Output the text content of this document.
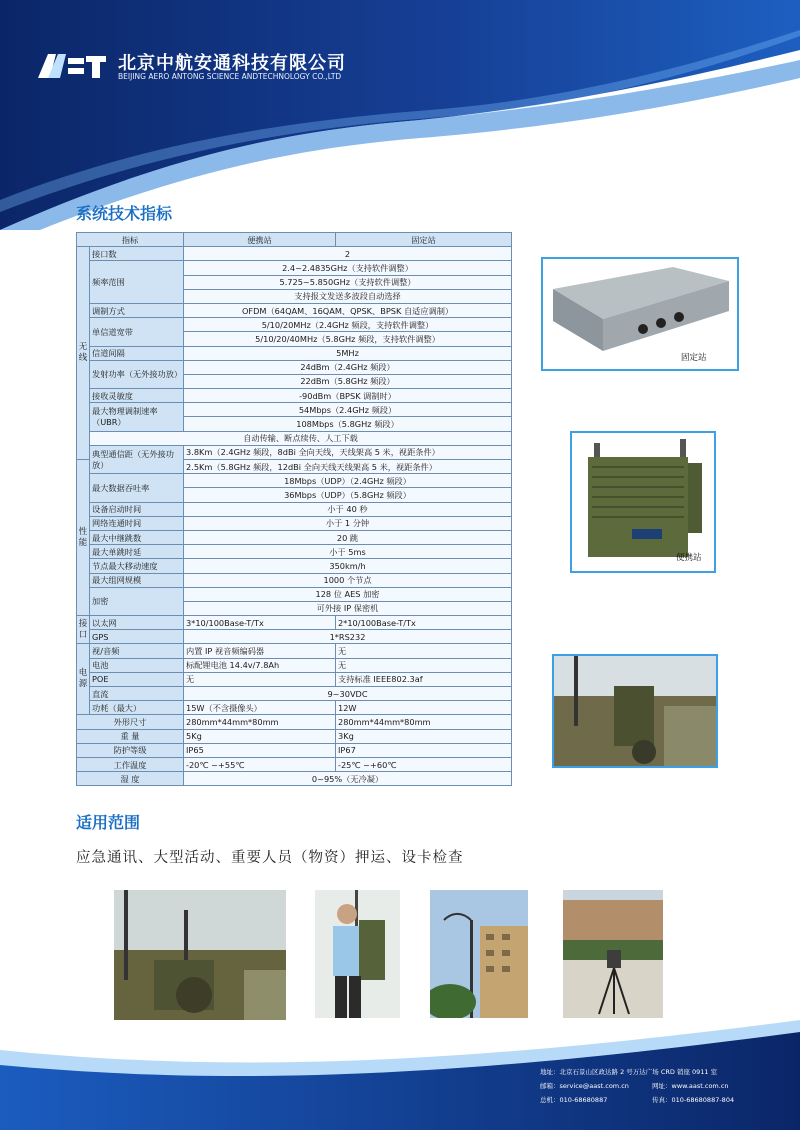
北京中航安通科技有限公司
BEIJING AERO ANTONG SCIENCE ANDTECHNOLOGY CO.,LTD
系统技术指标
指标		便携站	固定站
无线	接口数	2	
	频率范围	2.4~2.4835GHz（支持软件调整）	
		5.725~5.850GHz（支持软件调整）	
		支持报文发送多波段自动选择	
	调制方式	OFDM（64QAM、16QAM、QPSK、BPSK 自适应调制）	
	单信道宽带	5/10/20MHz（2.4GHz 频段，支持软件调整）	
		5/10/20/40MHz（5.8GHz 频段，支持软件调整）	
	信道间隔	5MHz	
	发射功率（无外接功放）	24dBm（2.4GHz 频段）	
		22dBm（5.8GHz 频段）	
	接收灵敏度	-90dBm（BPSK 调制时）	
	最大物理调制速率（UBR）	54Mbps（2.4GHz 频段）	
		108Mbps（5.8GHz 频段）	
	自动传输、断点续传、人工下载		
	典型通信距（无外接功放）	3.8Km（2.4GHz 频段，8dBi 全向天线，天线架高 5 米，视距条件）	
性能		2.5Km（5.8GHz 频段，12dBi 全向天线天线架高 5 米，视距条件）	
	最大数据吞吐率	18Mbps（UDP）（2.4GHz 频段）	
		36Mbps（UDP）（5.8GHz 频段）	
	设备启动时间	小于 40 秒	
	网络连通时间	小于 1 分钟	
	最大中继跳数	20 跳	
	最大单跳时延	小于 5ms	
	节点最大移动速度	350km/h	
	最大组网规模	1000 个节点	
	加密	128 位 AES 加密	
		可外接 IP 保密机	
接口	以太网	3*10/100Base-T/Tx	2*10/100Base-T/Tx
	GPS	1*RS232	
电源	视/音频	内置 IP 视音频编码器	无
	电池	标配锂电池 14.4v/7.8Ah	无
	POE	无	支持标准 IEEE802.3af
	直流	9~30VDC	
	功耗（最大）	15W（不含摄像头）	12W
外形尺寸		280mm*44mm*80mm	280mm*44mm*80mm
重 量		5Kg	3Kg
防护等级		IP65	IP67
工作温度		-20℃ ~+55℃	-25℃ ~+60℃
湿 度		0~95%（无冷凝）	
固定站
便携站
适用范围
应急通讯、大型活动、重要人员（物资）押运、设卡检查
地址：北京石景山区政达路 2 号万达广场 CRD 销座 0911 室
邮箱：service@aast.com.cn	网址：www.aast.com.cn
总机：010-68680887	传真：010-68680887-804
